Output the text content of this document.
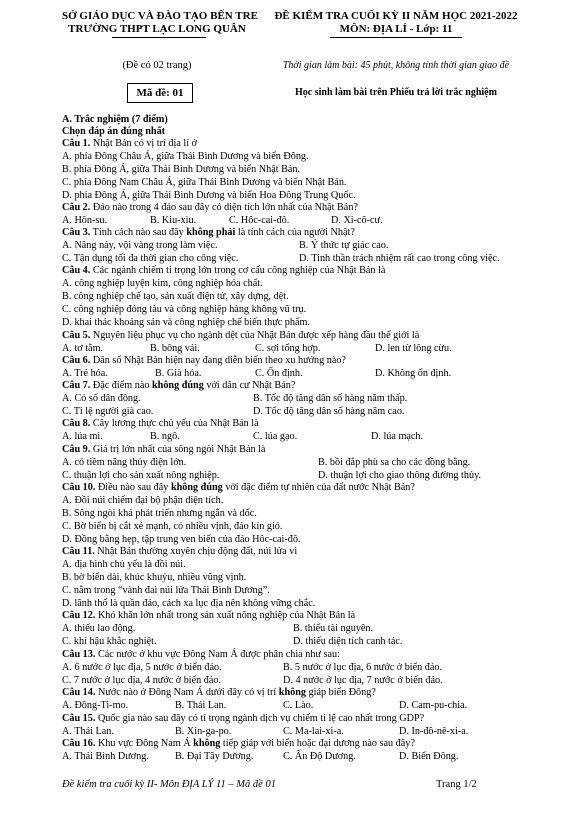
SỞ GIÁO DỤC VÀ ĐÀO TẠO BẾN TRE
TRƯỜNG THPT LẠC LONG QUÂN
(Đề có 02 trang)
Mã đề: 01
ĐỀ KIỂM TRA CUỐI KỲ II NĂM HỌC 2021-2022
MÔN: ĐỊA LÍ - Lớp: 11
Thời gian làm bài: 45 phút, không tính thời gian giao đề
Học sinh làm bài trên Phiếu trả lời trắc nghiệm
A. Trắc nghiệm (7 điểm)
Chọn đáp án đúng nhất
Câu 1. Nhật Bản có vị trí địa lí ở
A. phía Đông Châu Á, giữa Thái Bình Dương và biển Đông.
B. phía Đông Á, giữa Thái Bình Dương và biển Nhật Bản.
C. phía Đông Nam Châu Á, giữa Thái Bình Dương và biển Nhật Bản.
D. phía Đông Á, giữa Thái Bình Dương và biển Hoa Đông Trung Quốc.
Câu 2. Đảo nào trong 4 đảo sau đây có diện tích lớn nhất của Nhật Bản?
A. Hôn-su.	B. Kiu-xiu.	C. Hôc-cai-đô.	D. Xi-cô-cư.
Câu 3. Tính cách nào sau đây không phải là tính cách của người Nhật?
A. Năng nảy, vội vàng trong làm việc.	B. Ý thức tự giác cao.
C. Tận dụng tối đa thời gian cho công việc.	D. Tinh thần trách nhiệm rất cao trong công việc.
Câu 4. Các ngành chiếm tỉ trọng lớn trong cơ cấu công nghiệp của Nhật Bản là
A. công nghiệp luyện kim, công nghiệp hóa chất.
B. công nghiệp chế tạo, sản xuất điện tử, xây dựng, dệt.
C. công nghiệp đóng tàu và công nghiệp hàng không vũ trụ.
D. khai thác khoáng sản và công nghiệp chế biến thực phẩm.
Câu 5. Nguyên liệu phục vụ cho ngành dệt của Nhật Bản được xếp hàng đầu thế giới là
A. tơ tằm.	B. bông vải.	C. sợi tổng hợp.	D. len từ lông cừu.
Câu 6. Dân số Nhật Bản hiện nay đang diễn biến theo xu hướng nào?
A. Trẻ hóa.	B. Già hóa.	C. Ổn định.	D. Không ổn định.
Câu 7. Đặc điểm nào không đúng với dân cư Nhật Bản?
A. Có số dân đông.	B. Tốc độ tăng dân số hàng năm thấp.
C. Tỉ lệ người già cao.	D. Tốc độ tăng dân số hàng năm cao.
Câu 8. Cây lương thực chủ yếu của Nhật Bản là
A. lúa mì.	B. ngô.	C. lúa gạo.	D. lúa mạch.
Câu 9. Giá trị lớn nhất của sông ngòi Nhật Bản là
A. có tiềm năng thủy điện lớn.	B. bồi đắp phù sa cho các đồng bằng.
C. thuận lợi cho sản xuất nông nghiệp.	D. thuận lợi cho giao thông đường thủy.
Câu 10. Điều nào sau đây không đúng với đặc điểm tự nhiên của đất nước Nhật Bản?
A. Đồi núi chiếm đại bộ phận diện tích.
B. Sông ngòi khá phát triển nhưng ngắn và dốc.
C. Bờ biển bị cắt xẻ mạnh, có nhiều vịnh, đảo kín gió.
D. Đồng bằng hẹp, tập trung ven biển của đảo Hôc-cai-đô.
Câu 11. Nhật Bản thường xuyên chịu động đất, núi lửa vì
A. địa hình chủ yếu là đồi núi.
B. bờ biển dài, khúc khuỷu, nhiều vũng vịnh.
C. nằm trong “vành đai núi lửa Thái Bình Dương”.
D. lãnh thổ là quần đảo, cách xa lục địa nên không vững chắc.
Câu 12. Khó khăn lớn nhất trong sản xuất nông nghiệp của Nhật Bản là
A. thiếu lao động.	B. thiếu tài nguyên.
C. khí hậu khắc nghiệt.	D. thiếu diện tích canh tác.
Câu 13. Các nước ở khu vực Đông Nam Á được phân chia như sau:
A. 6 nước ở lục địa, 5 nước ở biển đảo.	B. 5 nước ở lục địa, 6 nước ở biển đảo.
C. 7 nước ở lục địa, 4 nước ở biển đảo.	D. 4 nước ở lục địa, 7 nước ở biển đảo.
Câu 14. Nước nào ở Đông Nam Á dưới đây có vị trí không giáp biển Đông?
A. Đông-Ti-mo.	B. Thái Lan.	C. Lào.	D. Cam-pu-chia.
Câu 15. Quốc gia nào sau đây có tỉ trọng ngành dịch vụ chiếm tỉ lệ cao nhất trong GDP?
A. Thái Lan.	B. Xin-ga-po.	C. Ma-lai-xi-a.	D. In-đô-nê-xi-a.
Câu 16. Khu vực Đông Nam Á không tiếp giáp với biển hoặc đại dương nào sau đây?
A. Thái Bình Dương.	B. Đại Tây Dương.	C. Ấn Độ Dương.	D. Biển Đông.
Đề kiểm tra cuối kỳ II- Môn ĐỊA LÝ 11 – Mã đề 01	Trang 1/2
